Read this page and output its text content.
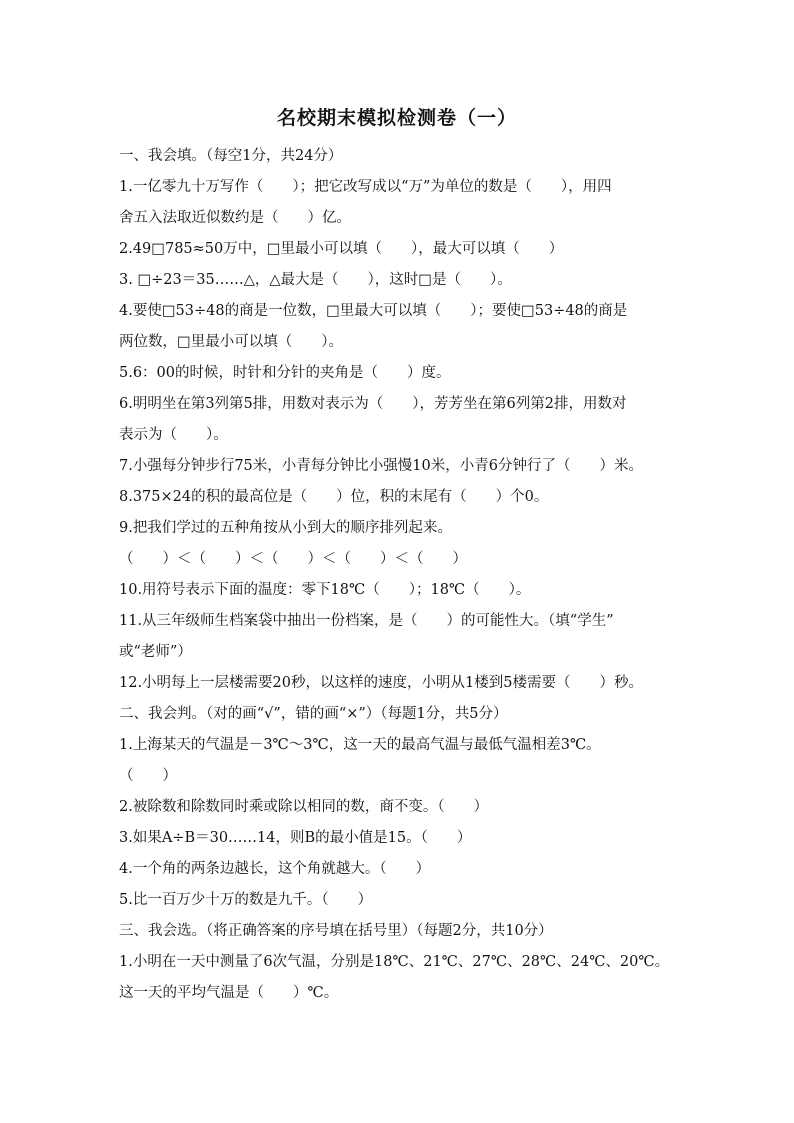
名校期末模拟检测卷（一）
一、我会填。（每空1分，共24分）
1.一亿零九十万写作（　　）；把它改写成以“万”为单位的数是（　　），用四
舍五入法取近似数约是（　　）亿。
2.49□785≈50万中，□里最小可以填（　　），最大可以填（　　）
3. □÷23＝35……△，△最大是（　　），这时□是（　　）。
4.要使□53÷48的商是一位数，□里最大可以填（　　）；要使□53÷48的商是
两位数，□里最小可以填（　　）。
5.6：00的时候，时针和分针的夹角是（　　）度。
6.明明坐在第3列第5排，用数对表示为（　　），芳芳坐在第6列第2排，用数对
表示为（　　）。
7.小强每分钟步行75米，小青每分钟比小强慢10米，小青6分钟行了（　　）米。
8.375×24的积的最高位是（　　）位，积的末尾有（　　）个0。
9.把我们学过的五种角按从小到大的顺序排列起来。
（　　）＜（　　）＜（　　）＜（　　）＜（　　）
10.用符号表示下面的温度：零下18℃（　　）；18℃（　　）。
11.从三年级师生档案袋中抽出一份档案，是（　　）的可能性大。（填“学生”
或“老师”）
12.小明每上一层楼需要20秒，以这样的速度，小明从1楼到5楼需要（　　）秒。
二、我会判。（对的画“√”，错的画“×”）（每题1分，共5分）
1.上海某天的气温是－3℃～3℃，这一天的最高气温与最低气温相差3℃。
（　　）
2.被除数和除数同时乘或除以相同的数，商不变。（　　）
3.如果A÷B＝30……14，则B的最小值是15。（　　）
4.一个角的两条边越长，这个角就越大。（　　）
5.比一百万少十万的数是九千。（　　）
三、我会选。（将正确答案的序号填在括号里）（每题2分，共10分）
1.小明在一天中测量了6次气温，分别是18℃、21℃、27℃、28℃、24℃、20℃。
这一天的平均气温是（　　）℃。
